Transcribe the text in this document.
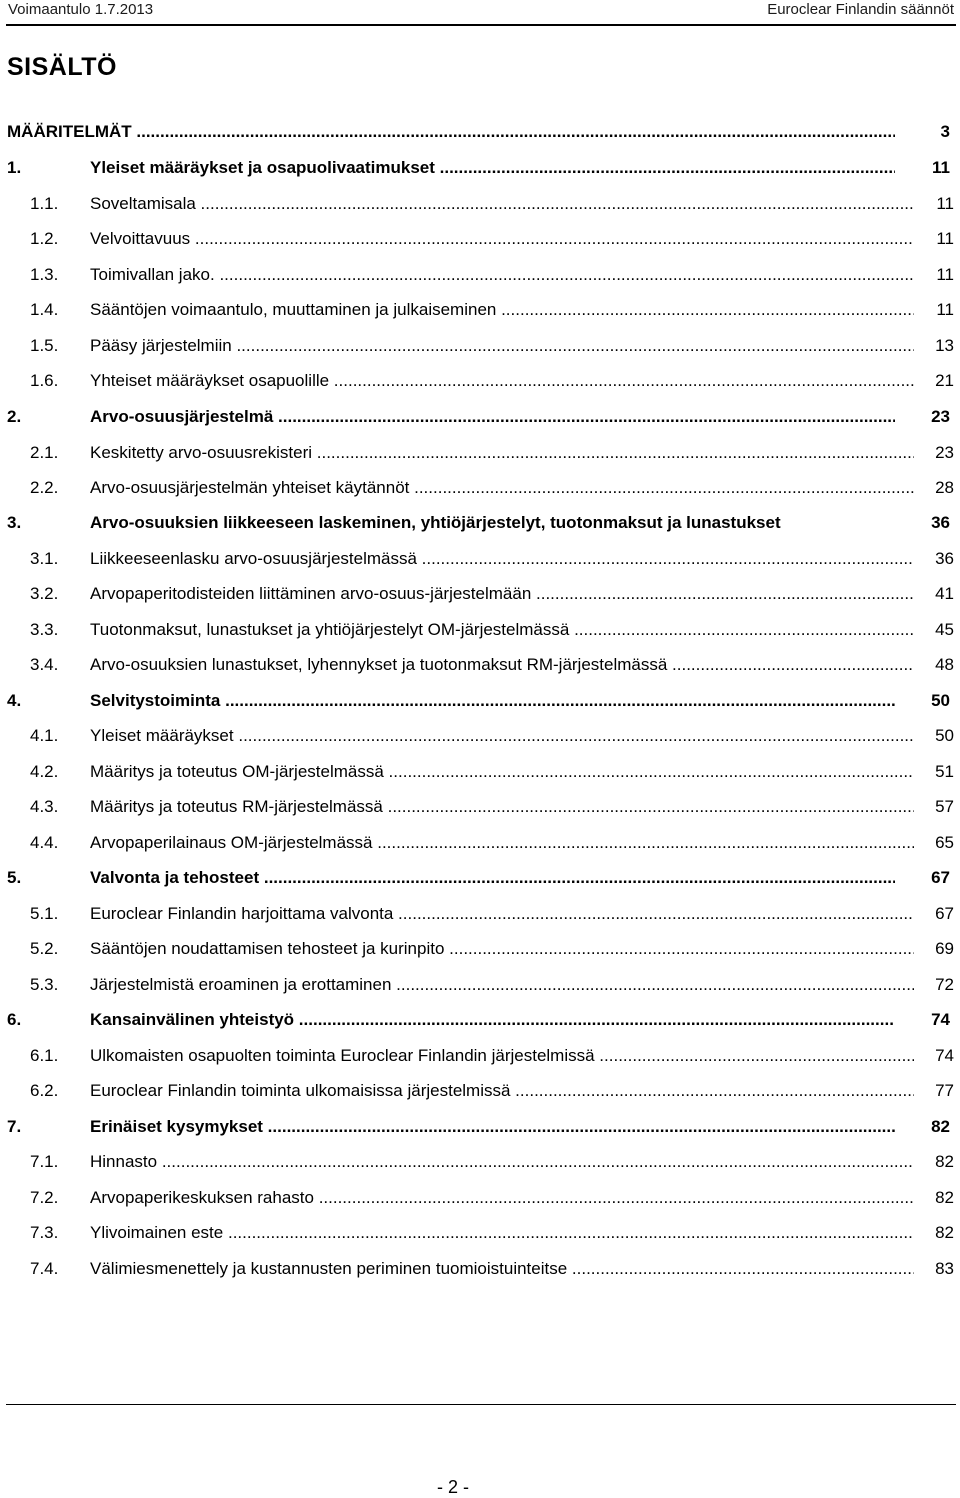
Voimaantulo 1.7.2013	Euroclear Finlandin säännöt
SISÄLTÖ
MÄÄRITELMÄT .....	3
1.	Yleiset määräykset ja osapuolivaatimukset .....	11
1.1. Soveltamisala .....	11
1.2. Velvoittavuus .....	11
1.3. Toimivallan jako. .....	11
1.4. Sääntöjen voimaantulo, muuttaminen ja julkaiseminen .....	11
1.5. Pääsy järjestelmiin .....	13
1.6. Yhteiset määräykset osapuolille .....	21
2.	Arvo-osuusjärjestelmä .....	23
2.1. Keskitetty arvo-osuusrekisteri .....	23
2.2. Arvo-osuusjärjestelmän yhteiset käytännöt .....	28
3.	Arvo-osuuksien liikkeeseen laskeminen, yhtiöjärjestelyt, tuotonmaksut ja lunastukset	36
3.1. Liikkeeseenlasku arvo-osuusjärjestelmässä .....	36
3.2. Arvopaperitodisteiden liittäminen arvo-osuus-järjestelmään .....	41
3.3. Tuotonmaksut, lunastukset ja yhtiöjärjestelyt OM-järjestelmässä .....	45
3.4. Arvo-osuuksien lunastukset, lyhennykset ja tuotonmaksut RM-järjestelmässä .....	48
4.	Selvitystoiminta .....	50
4.1. Yleiset määräykset .....	50
4.2. Määritys ja toteutus OM-järjestelmässä .....	51
4.3. Määritys ja toteutus RM-järjestelmässä .....	57
4.4. Arvopaperilainaus OM-järjestelmässä .....	65
5.	Valvonta ja tehosteet .....	67
5.1. Euroclear Finlandin harjoittama valvonta .....	67
5.2. Sääntöjen noudattamisen tehosteet ja kurinpito .....	69
5.3. Järjestelmistä eroaminen ja erottaminen .....	72
6.	Kansainvälinen yhteistyö .....	74
6.1. Ulkomaisten osapuolten toiminta Euroclear Finlandin järjestelmissä .....	74
6.2. Euroclear Finlandin toiminta ulkomaisissa järjestelmissä .....	77
7.	Erinäiset kysymykset .....	82
7.1. Hinnasto .....	82
7.2. Arvopaperikeskuksen rahasto .....	82
7.3. Ylivoimainen este .....	82
7.4. Välimiesmenettely ja kustannusten periminen tuomioistuinteitse .....	83
- 2 -
